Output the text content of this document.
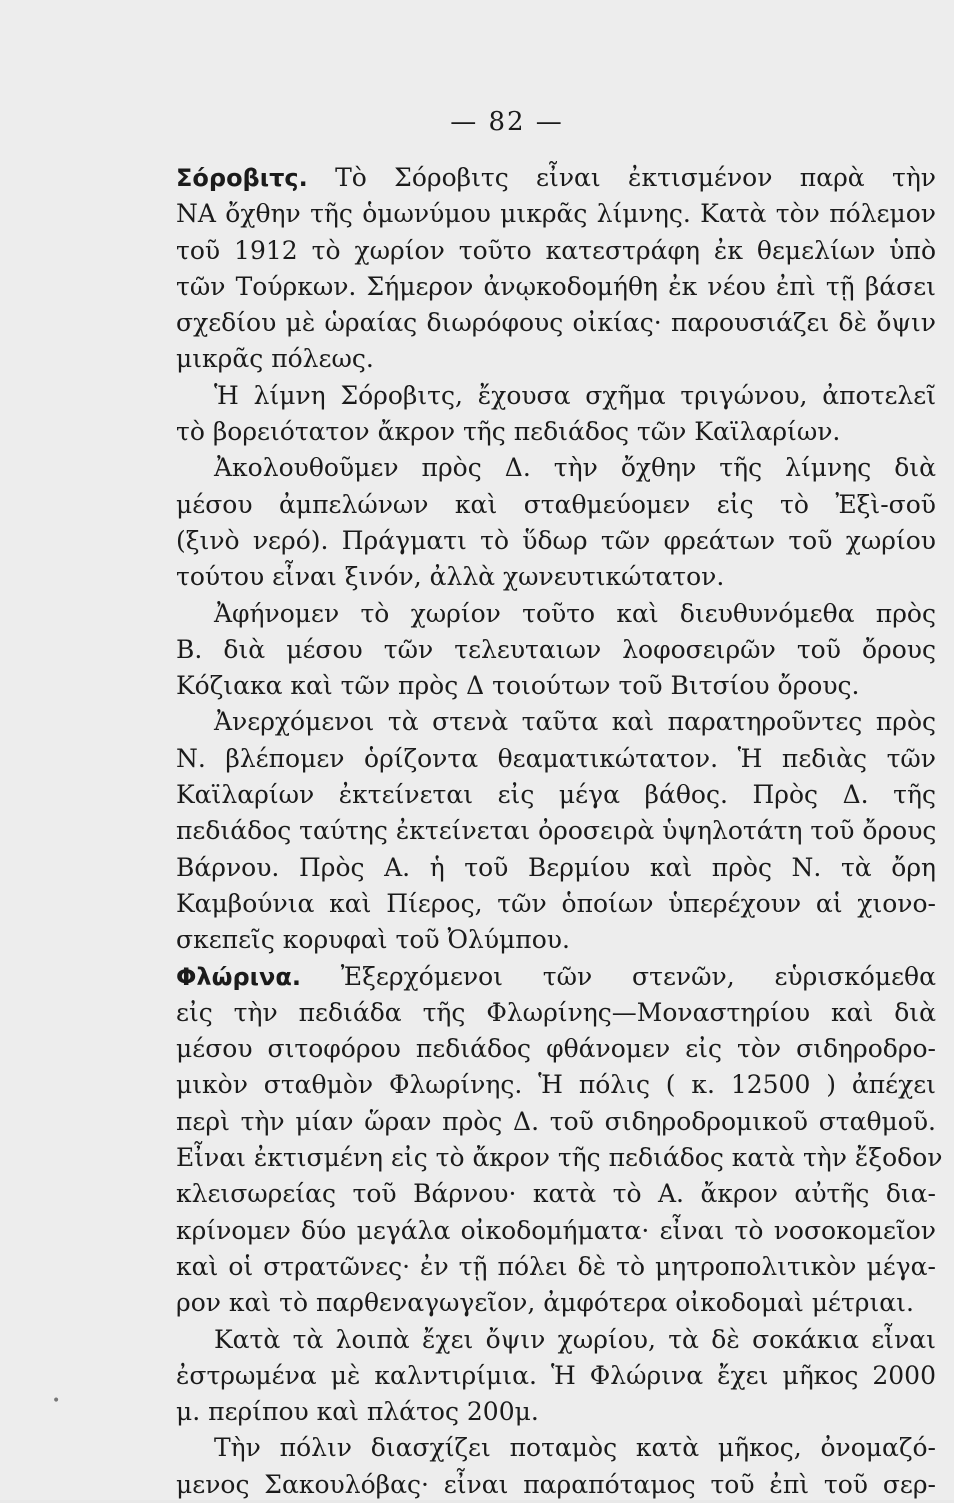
— 82 —
Σόροβιτς. Τὸ Σόροβιτς εἶναι ἐκτισμένον παρὰ τὴν
ΝΑ ὄχθην τῆς ὁμωνύμου μικρᾶς λίμνης. Κατὰ τὸν πόλεμον
τοῦ 1912 τὸ χωρίον τοῦτο κατεστράφη ἐκ θεμελίων ὑπὸ
τῶν Τούρκων. Σήμερον ἀνῳκοδομήθη ἐκ νέου ἐπὶ τῇ βάσει
σχεδίου μὲ ὡραίας διωρόφους οἰκίας· παρουσιάζει δὲ ὄψιν
μικρᾶς πόλεως.
Ἡ λίμνη Σόροβιτς, ἔχουσα σχῆμα τριγώνου, ἀποτελεῖ
τὸ βορειότατον ἄκρον τῆς πεδιάδος τῶν Καϊλαρίων.
Ἀκολουθοῦμεν πρὸς Δ. τὴν ὄχθην τῆς λίμνης διὰ
μέσου ἀμπελώνων καὶ σταθμεύομεν εἰς τὸ Ἐξὶ-σοῦ
(ξινὸ νερό). Πράγματι τὸ ὕδωρ τῶν φρεάτων τοῦ χωρίου
τούτου εἶναι ξινόν, ἀλλὰ χωνευτικώτατον.
Ἀφήνομεν τὸ χωρίον τοῦτο καὶ διευθυνόμεθα πρὸς
Β. διὰ μέσου τῶν τελευταιων λοφοσειρῶν τοῦ ὄρους
Κόζιακα καὶ τῶν πρὸς Δ τοιούτων τοῦ Βιτσίου ὄρους.
Ἀνερχόμενοι τὰ στενὰ ταῦτα καὶ παρατηροῦντες πρὸς
Ν. βλέπομεν ὁρίζοντα θεαματικώτατον. Ἡ πεδιὰς τῶν
Καϊλαρίων ἐκτείνεται εἰς μέγα βάθος. Πρὸς Δ. τῆς
πεδιάδος ταύτης ἐκτείνεται ὀροσειρὰ ὑψηλοτάτη τοῦ ὄρους
Βάρνου. Πρὸς Α. ἡ τοῦ Βερμίου καὶ πρὸς Ν. τὰ ὄρη
Καμβούνια καὶ Πίερος, τῶν ὁποίων ὑπερέχουν αἱ χιονο-
σκεπεῖς κορυφαὶ τοῦ Ὀλύμπου.
Φλώρινα. Ἐξερχόμενοι τῶν στενῶν, εὑρισκόμεθα
εἰς τὴν πεδιάδα τῆς Φλωρίνης—Μοναστηρίου καὶ διὰ
μέσου σιτοφόρου πεδιάδος φθάνομεν εἰς τὸν σιδηροδρο-
μικὸν σταθμὸν Φλωρίνης. Ἡ πόλις ( κ. 12500 ) ἀπέχει
περὶ τὴν μίαν ὥραν πρὸς Δ. τοῦ σιδηροδρομικοῦ σταθμοῦ.
Εἶναι ἐκτισμένη εἰς τὸ ἄκρον τῆς πεδιάδος κατὰ τὴν ἔξοδον
κλεισωρείας τοῦ Βάρνου· κατὰ τὸ Α. ἄκρον αὐτῆς δια-
κρίνομεν δύο μεγάλα οἰκοδομήματα· εἶναι τὸ νοσοκομεῖον
καὶ οἱ στρατῶνες· ἐν τῇ πόλει δὲ τὸ μητροπολιτικὸν μέγα-
ρον καὶ τὸ παρθεναγωγεῖον, ἀμφότερα οἰκοδομαὶ μέτριαι.
Κατὰ τὰ λοιπὰ ἔχει ὄψιν χωρίου, τὰ δὲ σοκάκια εἶναι
ἐστρωμένα μὲ καλντιρίμια. Ἡ Φλώρινα ἔχει μῆκος 2000
μ. περίπου καὶ πλάτος 200μ.
Τὴν πόλιν διασχίζει ποταμὸς κατὰ μῆκος, ὀνομαζό-
μενος Σακουλόβας· εἶναι παραπόταμος τοῦ ἐπὶ τοῦ σερ-
•
